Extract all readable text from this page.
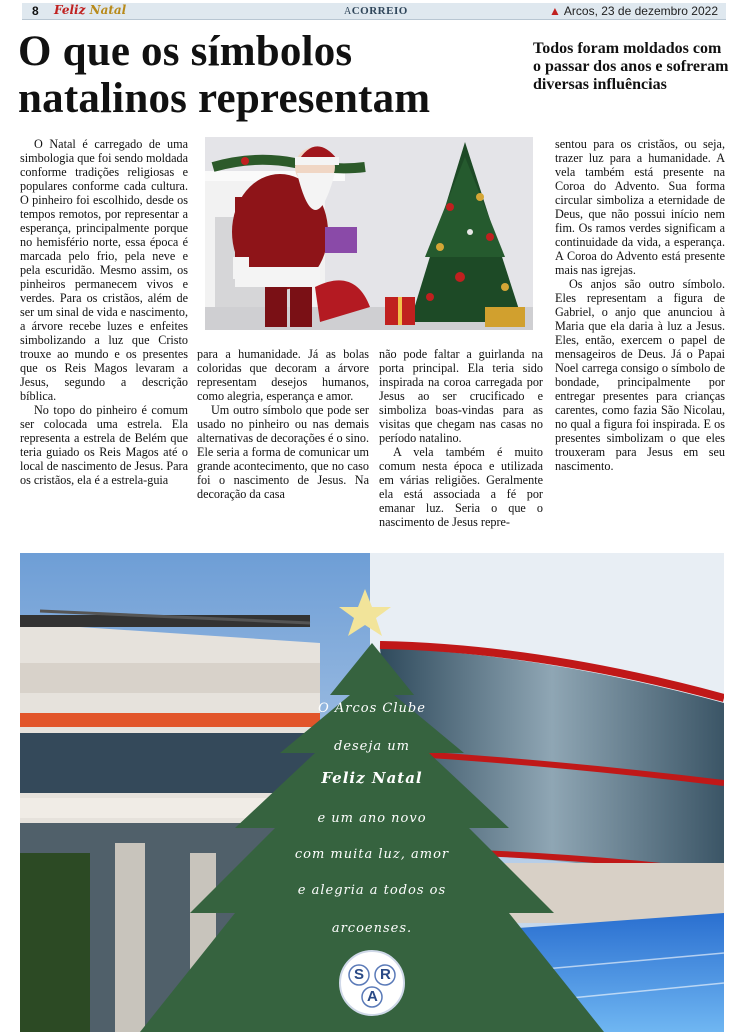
8 Feliz Natal	ACORREIO	▲ Arcos, 23 de dezembro 2022
O que os símbolos natalinos representam
Todos foram moldados com o passar dos anos e sofreram diversas influências

O Natal é carregado de uma simbologia que foi sendo moldada conforme tradições religiosas e populares conforme cada cultura. O pinheiro foi escolhido, desde os tempos remotos, por representar a esperança, principalmente porque no hemisfério norte, essa época é marcada pelo frio, pela neve e pela escuridão. Mesmo assim, os pinheiros permanecem vivos e verdes. Para os cristãos, além de ser um sinal de vida e nascimento, a árvore recebe luzes e enfeites simbolizando a luz que Cristo trouxe ao mundo e os presentes que os Reis Magos levaram a Jesus, segundo a descrição bíblica.

No topo do pinheiro é comum ser colocada uma estrela. Ela representa a estrela de Belém que teria guiado os Reis Magos até o local de nascimento de Jesus. Para os cristãos, ela é a estrela-guia

para a humanidade. Já as bolas coloridas que decoram a árvore representam desejos humanos, como alegria, esperança e amor.

Um outro símbolo que pode ser usado no pinheiro ou nas demais alternativas de decorações é o sino. Ele seria a forma de comunicar um grande acontecimento, que no caso foi o nascimento de Jesus. Na decoração da casa

não pode faltar a guirlanda na porta principal. Ela teria sido inspirada na coroa carregada por Jesus ao ser crucificado e simboliza boas-vindas para as visitas que chegam nas casas no período natalino.

A vela também é muito comum nesta época e utilizada em várias religiões. Geralmente ela está associada a fé por emanar luz. Seria o que o nascimento de Jesus repre-

sentou para os cristãos, ou seja, trazer luz para a humanidade. A vela também está presente na Coroa do Advento. Sua forma circular simboliza a eternidade de Deus, que não possui início nem fim. Os ramos verdes significam a continuidade da vida, a esperança. A Coroa do Advento está presente mais nas igrejas.

Os anjos são outro símbolo. Eles representam a figura de Gabriel, o anjo que anunciou à Maria que ela daria à luz a Jesus. Eles, então, exercem o papel de mensageiros de Deus. Já o Papai Noel carrega consigo o símbolo de bondade, principalmente por entregar presentes para crianças carentes, como fazia São Nicolau, no qual a figura foi inspirada. E os presentes simbolizam o que eles trouxeram para Jesus em seu nascimento.

O Arcos Clube
deseja um
Feliz Natal
e um ano novo
com muita luz, amor
e alegria a todos os
arcoenses.
S R
A
